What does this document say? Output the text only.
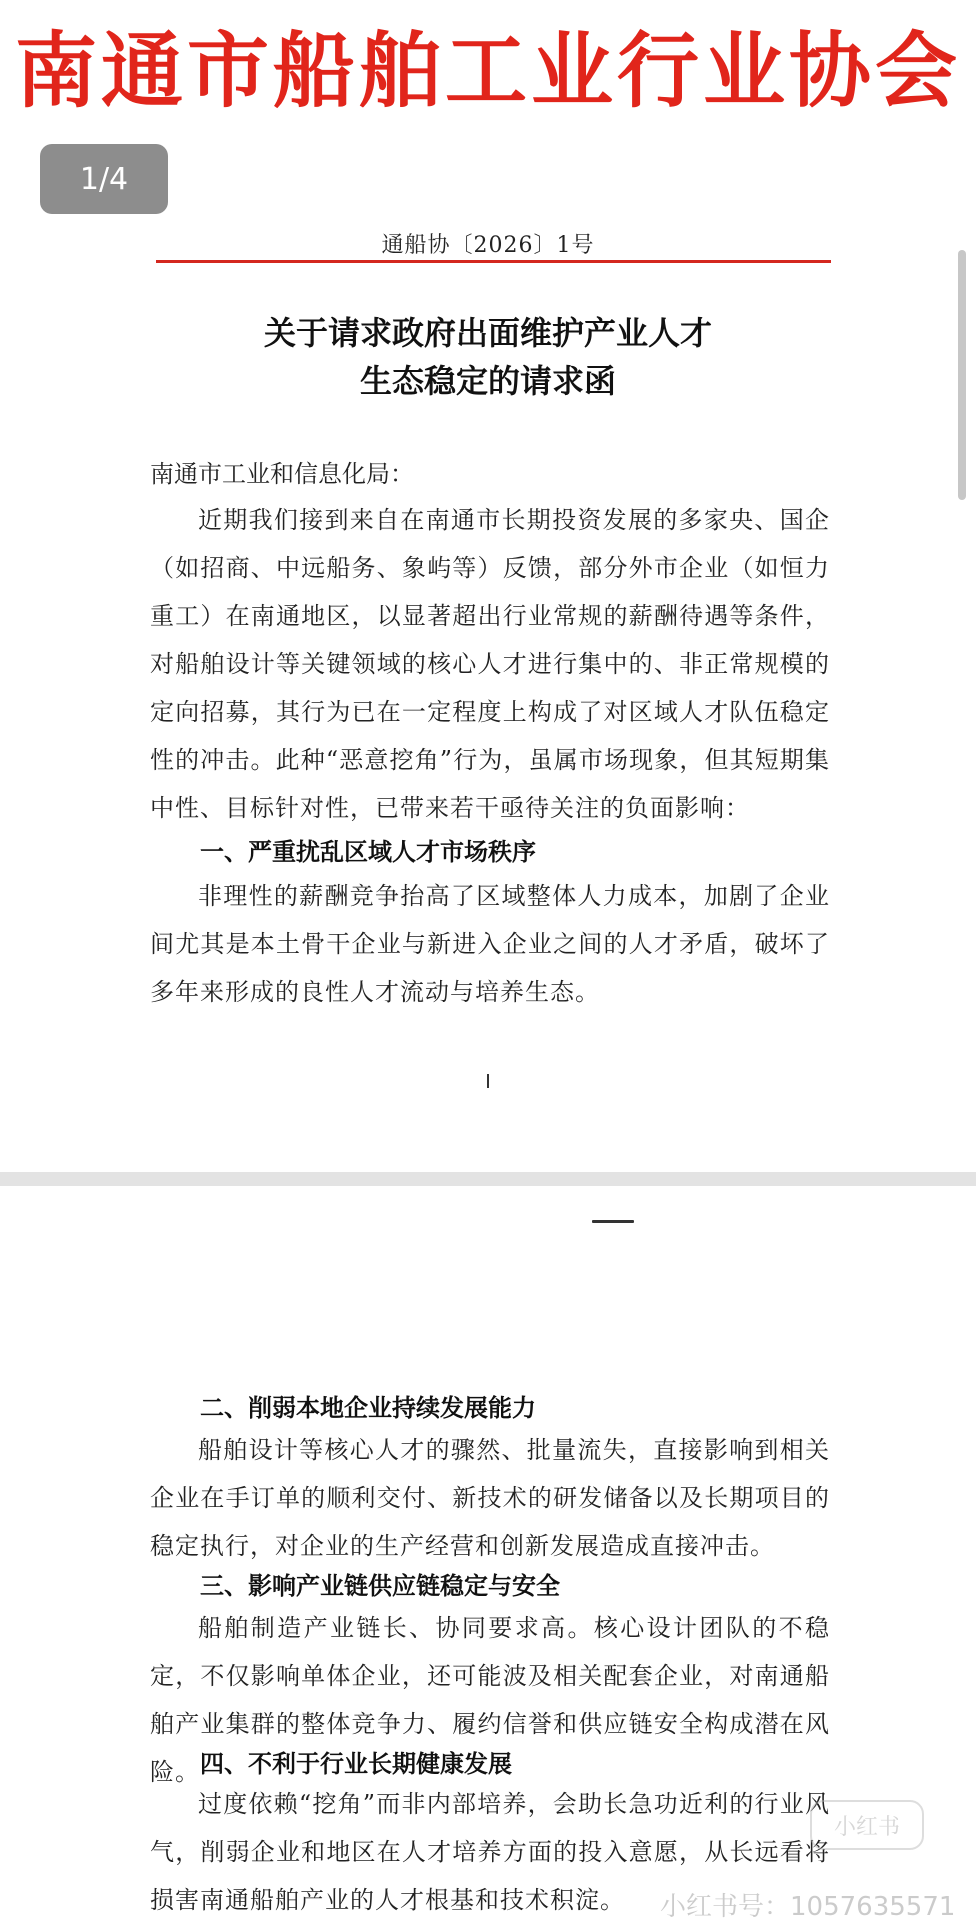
南通市船舶工业行业协会
1/4
通船协〔2026〕1号
关于请求政府出面维护产业人才
生态稳定的请求函
南通市工业和信息化局：
近期我们接到来自在南通市长期投资发展的多家央、国企（如招商、中远船务、象屿等）反馈，部分外市企业（如恒力重工）在南通地区，以显著超出行业常规的薪酬待遇等条件，对船舶设计等关键领域的核心人才进行集中的、非正常规模的定向招募，其行为已在一定程度上构成了对区域人才队伍稳定性的冲击。此种“恶意挖角”行为，虽属市场现象，但其短期集中性、目标针对性，已带来若干亟待关注的负面影响：
一、严重扰乱区域人才市场秩序
非理性的薪酬竞争抬高了区域整体人力成本，加剧了企业间尤其是本土骨干企业与新进入企业之间的人才矛盾，破坏了多年来形成的良性人才流动与培养生态。
二、削弱本地企业持续发展能力
船舶设计等核心人才的骤然、批量流失，直接影响到相关企业在手订单的顺利交付、新技术的研发储备以及长期项目的稳定执行，对企业的生产经营和创新发展造成直接冲击。
三、影响产业链供应链稳定与安全
船舶制造产业链长、协同要求高。核心设计团队的不稳定，不仅影响单体企业，还可能波及相关配套企业，对南通船舶产业集群的整体竞争力、履约信誉和供应链安全构成潜在风险。 四、不利于行业长期健康发展
过度依赖“挖角”而非内部培养，会助长急功近利的行业风气，削弱企业和地区在人才培养方面的投入意愿，从长远看将损害南通船舶产业的人才根基和技术积淀。
小红书
小红书号：1057635571
